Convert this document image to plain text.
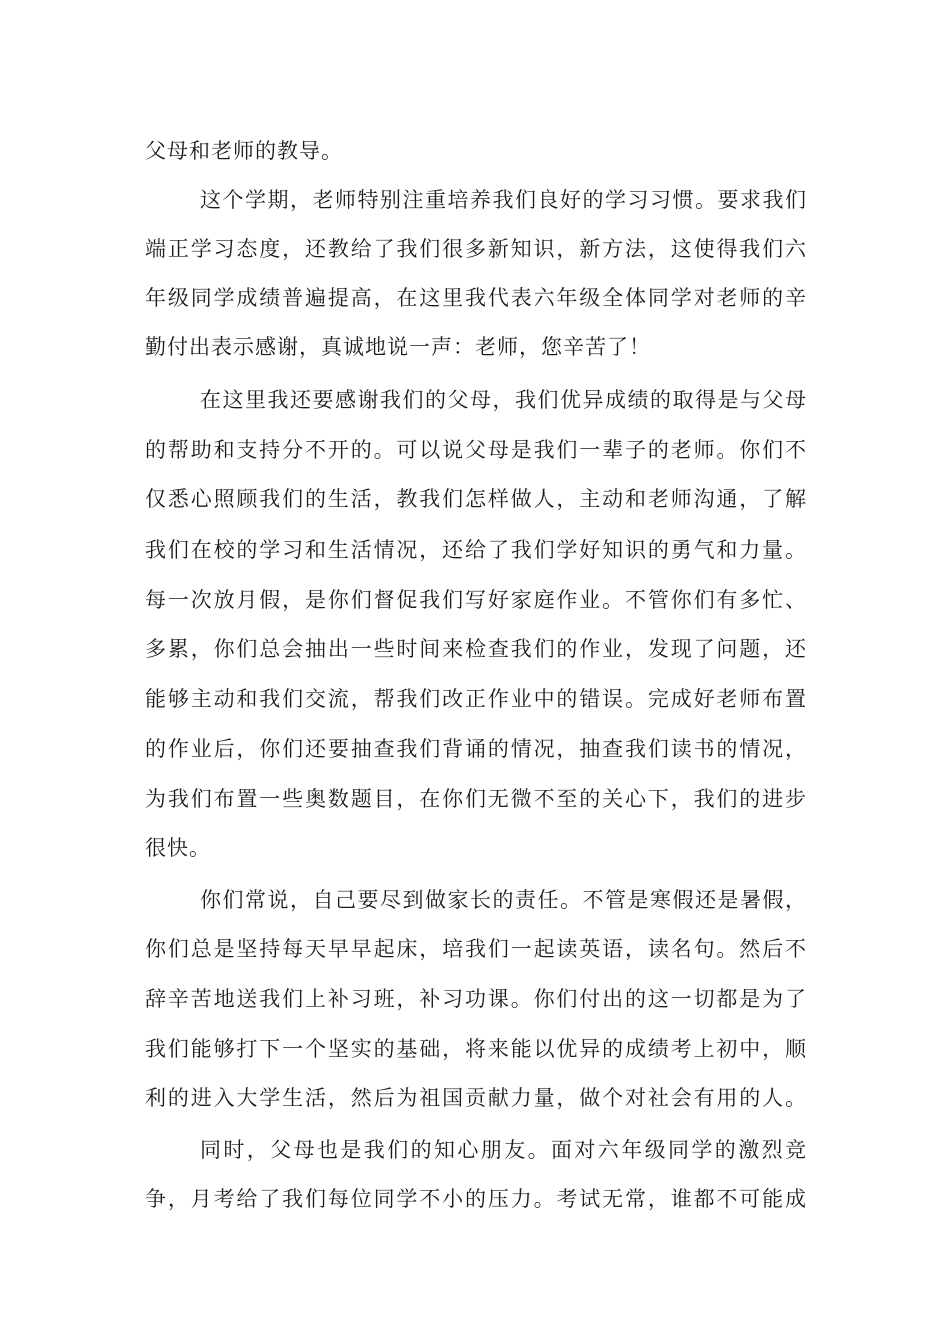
父母和老师的教导。
这个学期，老师特别注重培养我们良好的学习习惯。要求我们
端正学习态度，还教给了我们很多新知识，新方法，这使得我们六
年级同学成绩普遍提高，在这里我代表六年级全体同学对老师的辛
勤付出表示感谢，真诚地说一声：老师，您辛苦了！
在这里我还要感谢我们的父母，我们优异成绩的取得是与父母
的帮助和支持分不开的。可以说父母是我们一辈子的老师。你们不
仅悉心照顾我们的生活，教我们怎样做人，主动和老师沟通，了解
我们在校的学习和生活情况，还给了我们学好知识的勇气和力量。
每一次放月假，是你们督促我们写好家庭作业。不管你们有多忙、
多累，你们总会抽出一些时间来检查我们的作业，发现了问题，还
能够主动和我们交流，帮我们改正作业中的错误。完成好老师布置
的作业后，你们还要抽查我们背诵的情况，抽查我们读书的情况，
为我们布置一些奥数题目，在你们无微不至的关心下，我们的进步
很快。
你们常说，自己要尽到做家长的责任。不管是寒假还是暑假，
你们总是坚持每天早早起床，培我们一起读英语，读名句。然后不
辞辛苦地送我们上补习班，补习功课。你们付出的这一切都是为了
我们能够打下一个坚实的基础，将来能以优异的成绩考上初中，顺
利的进入大学生活，然后为祖国贡献力量，做个对社会有用的人。
同时，父母也是我们的知心朋友。面对六年级同学的激烈竞
争，月考给了我们每位同学不小的压力。考试无常，谁都不可能成
